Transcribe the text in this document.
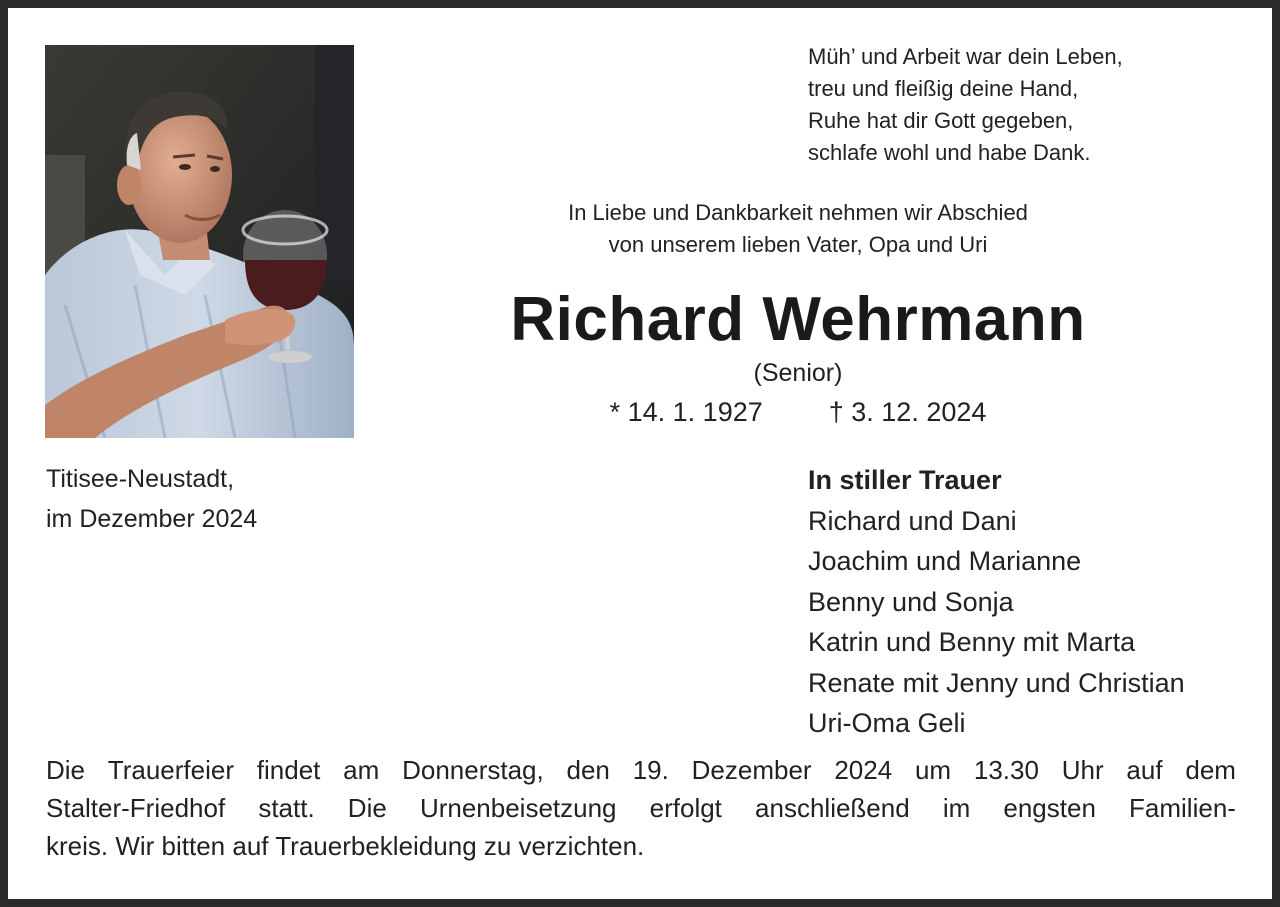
Müh’ und Arbeit war dein Leben,
treu und fleißig deine Hand,
Ruhe hat dir Gott gegeben,
schlafe wohl und habe Dank.
In Liebe und Dankbarkeit nehmen wir Abschied
von unserem lieben Vater, Opa und Uri
Richard Wehrmann
(Senior)
* 14. 1. 1927 † 3. 12. 2024
Titisee-Neustadt,
im Dezember 2024
In stiller Trauer
Richard und Dani
Joachim und Marianne
Benny und Sonja
Katrin und Benny mit Marta
Renate mit Jenny und Christian
Uri-Oma Geli
Die Trauerfeier findet am Donnerstag, den 19. Dezember 2024 um 13.30 Uhr auf dem
Stalter-Friedhof statt. Die Urnenbeisetzung erfolgt anschließend im engsten Familien-
kreis. Wir bitten auf Trauerbekleidung zu verzichten.
